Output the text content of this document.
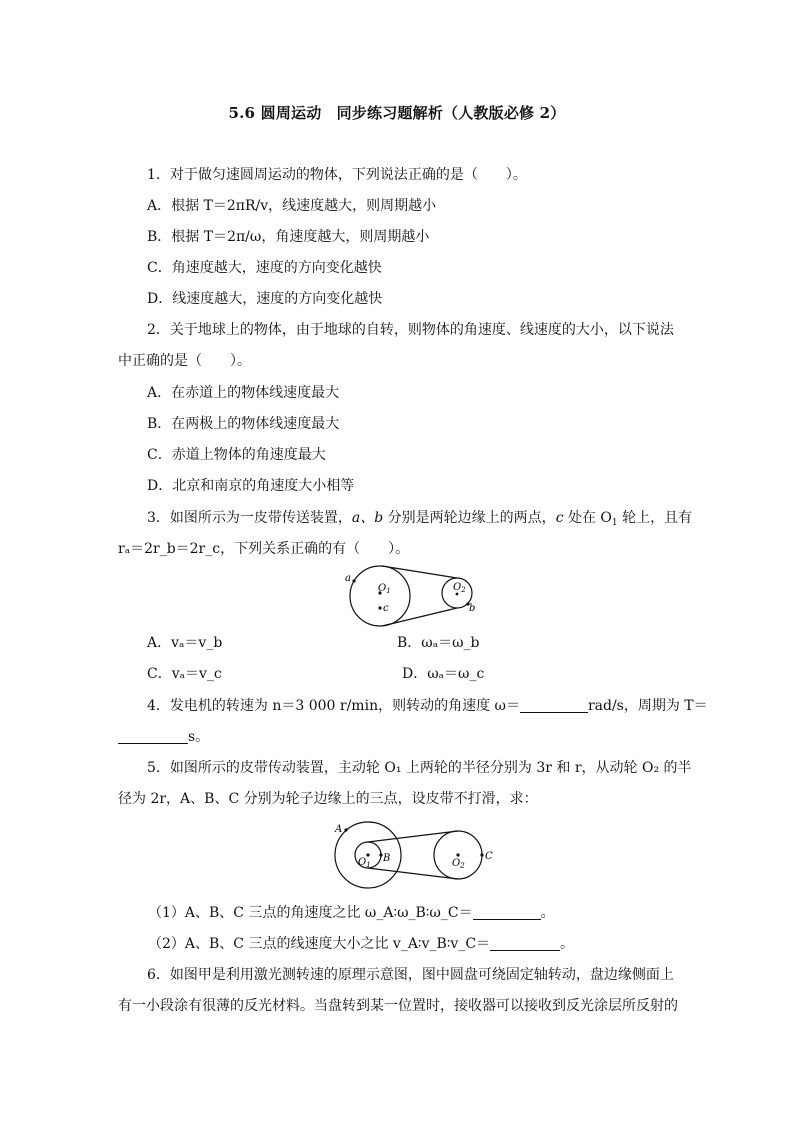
5.6 圆周运动　同步练习题解析（人教版必修 2）
1．对于做匀速圆周运动的物体，下列说法正确的是（　　）。
A．根据 T＝2πR/v，线速度越大，则周期越小
B．根据 T＝2π/ω，角速度越大，则周期越小
C．角速度越大，速度的方向变化越快
D．线速度越大，速度的方向变化越快
2．关于地球上的物体，由于地球的自转，则物体的角速度、线速度的大小，以下说法
中正确的是（　　）。
A．在赤道上的物体线速度最大
B．在两极上的物体线速度最大
C．赤道上物体的角速度最大
D．北京和南京的角速度大小相等
3．如图所示为一皮带传送装置，a、b 分别是两轮边缘上的两点，c 处在 $O_1$ 轮上，且有
rₐ＝2r_b＝2r_c，下列关系正确的有（　　）。
a
$O_1$
c
$O_2$
b
A．vₐ＝v_b	B．ωₐ＝ω_b
C．vₐ＝v_c	D．ωₐ＝ω_c
4．发电机的转速为 n＝3 000 r/min，则转动的角速度 ω＝	rad/s，周期为 T＝
s。
5．如图所示的皮带传动装置，主动轮 O₁ 上两轮的半径分别为 3r 和 r，从动轮 O₂ 的半
径为 2r，A、B、C 分别为轮子边缘上的三点，设皮带不打滑，求：
A
$O_1$
B	$O_2$
C
（1）A、B、C 三点的角速度之比 ω_A∶ω_B∶ω_C＝	。
（2）A、B、C 三点的线速度大小之比 v_A∶v_B∶v_C＝	。
6．如图甲是利用激光测转速的原理示意图，图中圆盘可绕固定轴转动，盘边缘侧面上
有一小段涂有很薄的反光材料。当盘转到某一位置时，接收器可以接收到反光涂层所反射的
